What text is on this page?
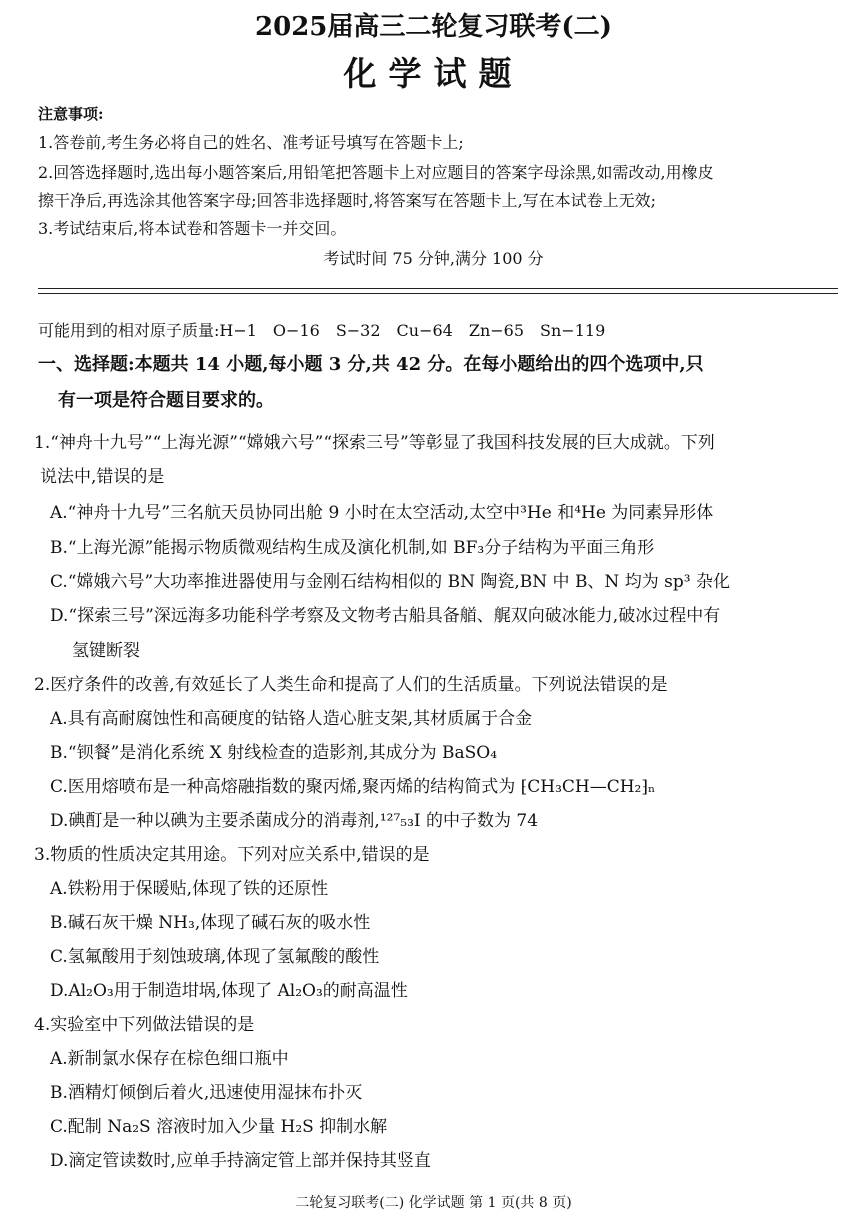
2025届高三二轮复习联考(二)
化学试题
注意事项:
1.答卷前,考生务必将自己的姓名、准考证号填写在答题卡上;
2.回答选择题时,选出每小题答案后,用铅笔把答题卡上对应题目的答案字母涂黑,如需改动,用橡皮
擦干净后,再选涂其他答案字母;回答非选择题时,将答案写在答题卡上,写在本试卷上无效;
3.考试结束后,将本试卷和答题卡一并交回。
考试时间 75 分钟,满分 100 分
可能用到的相对原子质量:H−1　O−16　S−32　Cu−64　Zn−65　Sn−119
一、选择题:本题共 14 小题,每小题 3 分,共 42 分。在每小题给出的四个选项中,只
有一项是符合题目要求的。
1.“神舟十九号”“上海光源”“嫦娥六号”“探索三号”等彰显了我国科技发展的巨大成就。下列
说法中,错误的是
A.“神舟十九号”三名航天员协同出舱 9 小时在太空活动,太空中³He 和⁴He 为同素异形体
B.“上海光源”能揭示物质微观结构生成及演化机制,如 BF₃分子结构为平面三角形
C.“嫦娥六号”大功率推进器使用与金刚石结构相似的 BN 陶瓷,BN 中 B、N 均为 sp³ 杂化
D.“探索三号”深远海多功能科学考察及文物考古船具备艏、艉双向破冰能力,破冰过程中有
氢键断裂
2.医疗条件的改善,有效延长了人类生命和提高了人们的生活质量。下列说法错误的是
A.具有高耐腐蚀性和高硬度的钴铬人造心脏支架,其材质属于合金
B.“钡餐”是消化系统 X 射线检查的造影剂,其成分为 BaSO₄
C.医用熔喷布是一种高熔融指数的聚丙烯,聚丙烯的结构简式为 ⁅CH₃CH—CH₂⁆ₙ
D.碘酊是一种以碘为主要杀菌成分的消毒剂,¹²⁷₅₃I 的中子数为 74
3.物质的性质决定其用途。下列对应关系中,错误的是
A.铁粉用于保暖贴,体现了铁的还原性
B.碱石灰干燥 NH₃,体现了碱石灰的吸水性
C.氢氟酸用于刻蚀玻璃,体现了氢氟酸的酸性
D.Al₂O₃用于制造坩埚,体现了 Al₂O₃的耐高温性
4.实验室中下列做法错误的是
A.新制氯水保存在棕色细口瓶中
B.酒精灯倾倒后着火,迅速使用湿抹布扑灭
C.配制 Na₂S 溶液时加入少量 H₂S 抑制水解
D.滴定管读数时,应单手持滴定管上部并保持其竖直
二轮复习联考(二) 化学试题 第 1 页(共 8 页)
